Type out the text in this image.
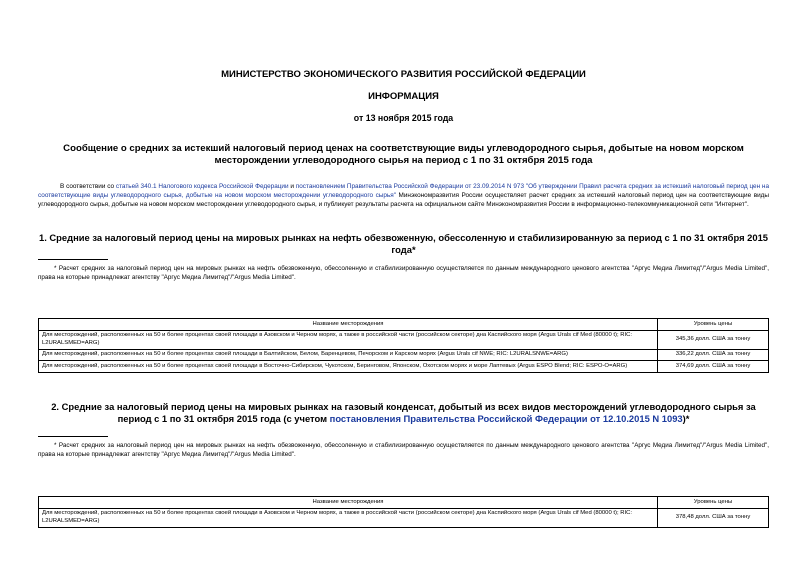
МИНИСТЕРСТВО ЭКОНОМИЧЕСКОГО РАЗВИТИЯ РОССИЙСКОЙ ФЕДЕРАЦИИ
ИНФОРМАЦИЯ
от 13 ноября 2015 года
Сообщение о средних за истекший налоговый период ценах на соответствующие виды углеводородного сырья, добытые на новом морском месторождении углеводородного сырья на период с 1 по 31 октября 2015 года
В соответствии со статьей 340.1 Налогового кодекса Российской Федерации и постановлением Правительства Российской Федерации от 23.09.2014 N 973 "Об утверждении Правил расчета средних за истекший налоговый период цен на соответствующие виды углеводородного сырья, добытые на новом морском месторождении углеводородного сырья" Минэкономразвития России осуществляет расчет средних за истекший налоговый период цен на соответствующие виды углеводородного сырья, добытые на новом морском месторождении углеводородного сырья, и публикует результаты расчета на официальном сайте Минэкономразвития России в информационно-телекоммуникационной сети "Интернет".
1. Средние за налоговый период цены на мировых рынках на нефть обезвоженную, обессоленную и стабилизированную за период с 1 по 31 октября 2015 года*
* Расчет средних за налоговый период цен на мировых рынках на нефть обезвоженную, обессоленную и стабилизированную осуществляется по данным международного ценового агентства "Аргус Медиа Лимитед"/"Argus Media Limited", права на которые принадлежат агентству "Аргус Медиа Лимитед"/"Argus Media Limited".
Название месторождения	Уровень цены
Для месторождений, расположенных на 50 и более процентах своей площади в Азовском и Черном морях, а также в российской части (российском секторе) дна Каспийского моря (Argus Urals cif Med (80000 t); RIC: L2URALSMED=ARG)	345,36 долл. США за тонну
Для месторождений, расположенных на 50 и более процентах своей площади в Балтийском, Белом, Баренцевом, Печорском и Карском морях (Argus Urals cif NWE; RIC: L2URALSNWE=ARG)	336,22 долл. США за тонну
Для месторождений, расположенных на 50 и более процентах своей площади в Восточно-Сибирском, Чукотском, Беринговом, Японском, Охотском морях и море Лаптевых (Argus ESPO Blend; RIC: ESPO-O=ARG)	374,69 долл. США за тонну
2. Средние за налоговый период цены на мировых рынках на газовый конденсат, добытый из всех видов месторождений углеводородного сырья за период с 1 по 31 октября 2015 года (с учетом постановления Правительства Российской Федерации от 12.10.2015 N 1093)*
* Расчет средних за налоговый период цен на мировых рынках на нефть обезвоженную, обессоленную и стабилизированную осуществляется по данным международного ценового агентства "Аргус Медиа Лимитед"/"Argus Media Limited", права на которые принадлежат агентству "Аргус Медиа Лимитед"/"Argus Media Limited".
Название месторождения	Уровень цены
Для месторождений, расположенных на 50 и более процентах своей площади в Азовском и Черном морях, а также в российской части (российском секторе) дна Каспийского моря (Argus Urals cif Med (80000 t); RIC: L2URALSMED=ARG)	378,48 долл. США за тонну
